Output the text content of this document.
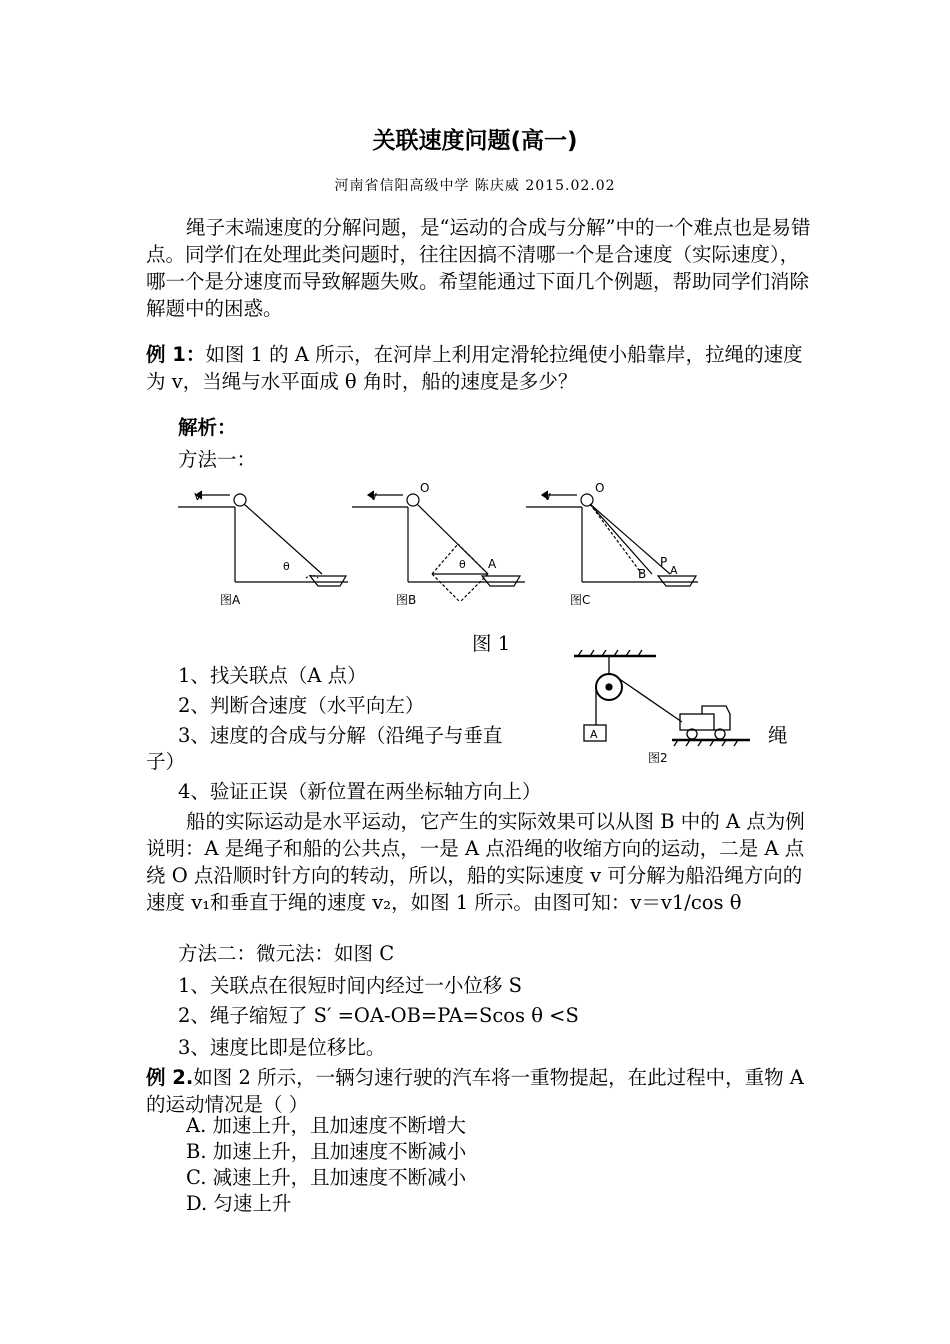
关联速度问题(高一)
河南省信阳高级中学 陈庆威 2015.02.02
绳子末端速度的分解问题，是“运动的合成与分解”中的一个难点也是易错点。同学们在处理此类问题时，往往因搞不清哪一个是合速度（实际速度），哪一个是分速度而导致解题失败。希望能通过下面几个例题，帮助同学们消除解题中的困惑。
例 1：如图 1 的 A 所示，在河岸上利用定滑轮拉绳使小船靠岸，拉绳的速度为 v，当绳与水平面成 θ 角时，船的速度是多少？
解析：
方法一：
v
θ
v
O
θ A
v
O
B
P
A
图A	图B	图C
图 1
1、找关联点（A 点）
2、判断合速度（水平向左）
3、速度的合成与分解（沿绳子与垂直	绳
子）
4、验证正误（新位置在两坐标轴方向上）
A
图2
船的实际运动是水平运动，它产生的实际效果可以从图 B 中的 A 点为例说明：A 是绳子和船的公共点，一是 A 点沿绳的收缩方向的运动，二是 A 点绕 O 点沿顺时针方向的转动，所以，船的实际速度 v 可分解为船沿绳方向的速度 v₁和垂直于绳的速度 v₂，如图 1 所示。由图可知：v＝v1/cos θ
方法二：微元法：如图 C
1、关联点在很短时间内经过一小位移 S
2、绳子缩短了 S′ =OA-OB=PA=Scos θ <S
3、速度比即是位移比。
例 2.如图 2 所示，一辆匀速行驶的汽车将一重物提起，在此过程中，重物 A 的运动情况是（ ）
A. 加速上升，且加速度不断增大
B. 加速上升，且加速度不断减小
C. 减速上升，且加速度不断减小
D. 匀速上升
